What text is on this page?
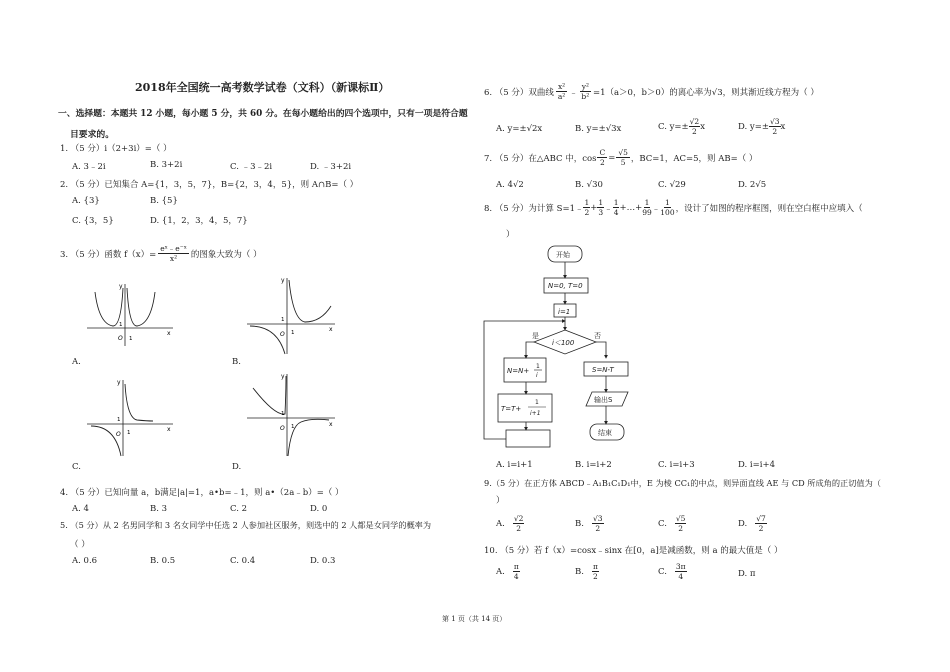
2018年全国统一高考数学试卷（文科）（新课标Ⅱ）
一、选择题：本题共 12 小题，每小题 5 分，共 60 分。在每小题给出的四个选项中，只有一项是符合题
目要求的。
1. （5 分）i（2+3i）=（ ）
A. 3﹣2i	B. 3+2i	C. ﹣3﹣2i	D. ﹣3+2i
2. （5 分）已知集合 A={1，3，5，7}，B={2，3，4，5}，则 A∩B=（ ）
A. {3}	B. {5}
C. {3，5}	D. {1，2，3，4，5，7}
3. （5 分）函数 $f(x)= \frac{\text{eˣ﹣e⁻ˣ}}{\text{x²}}$ 的图象大致为（ ）
y
x
O 1
1
A.
y
x
O 1
1
B.
y
x
O 1
1
C.
y
x
O 1
1
D.
4. （5 分）已知向量 a，b满足|a|=1，a•b=﹣1，则 a•（2a﹣b）=（ ）
A. 4	B. 3	C. 2	D. 0
5. （5 分）从 2 名男同学和 3 名女同学中任选 2 人参加社区服务，则选中的 2 人都是女同学的概率为
（ ）
A. 0.6	B. 0.5	C. 0.4	D. 0.3
6. （5 分）双曲线 $\frac{\text{x²}}{\text{a²}}$ ﹣ $\frac{\text{y²}}{\text{b²}} =1(a>0$，b＞0）的离心率为√3，则其渐近线方程为（ ）
A. y=±√2x	B. y=±√3x	C. $y=\pm \frac{√2}{2}$ x	D. $y=\pm \frac{√3}{2}$ x
7. （5 分）在△ABC 中，$\cos \frac{C}{2} = \frac{√5}{5}$ ，BC=1，AC=5，则 AB=（ ）
A. 4√2	B. √30	C. √29	D. 2√5
8. （5 分）为计算 S=1﹣ $\frac{1}{2} + \frac{1}{3}$ ﹣ $\frac{1}{4}$ +…+ $\frac{1}{99}$ ﹣ $\frac{1}{100}$ ，设计了如图的程序框图，则在空白框中应填入（
）
开始
N=0, T=0
i=1
i＜100
是	否
N=N+
1
i
T=T+
1
i+1
S=N-T
输出S
结束
A. i=i+1	B. i=i+2	C. i=i+3	D. i=i+4
9.（5 分）在正方体 ABCD﹣A₁B₁C₁D₁中，E 为棱 CC₁的中点，则异面直线 AE 与 CD 所成角的正切值为（
）
A. $\frac{√2}{2}$	B. $\frac{√3}{2}$	C. $\frac{√5}{2}$	D. $\frac{√7}{2}$
10. （5 分）若 f（x）=cosx﹣sinx 在[0，a]是减函数，则 a 的最大值是（ ）
A. $\frac{\pi}{4}$	B. $\frac{\pi}{2}$	C. $\frac{3\pi}{4}$	D. π
第 1 页（共 14 页）
